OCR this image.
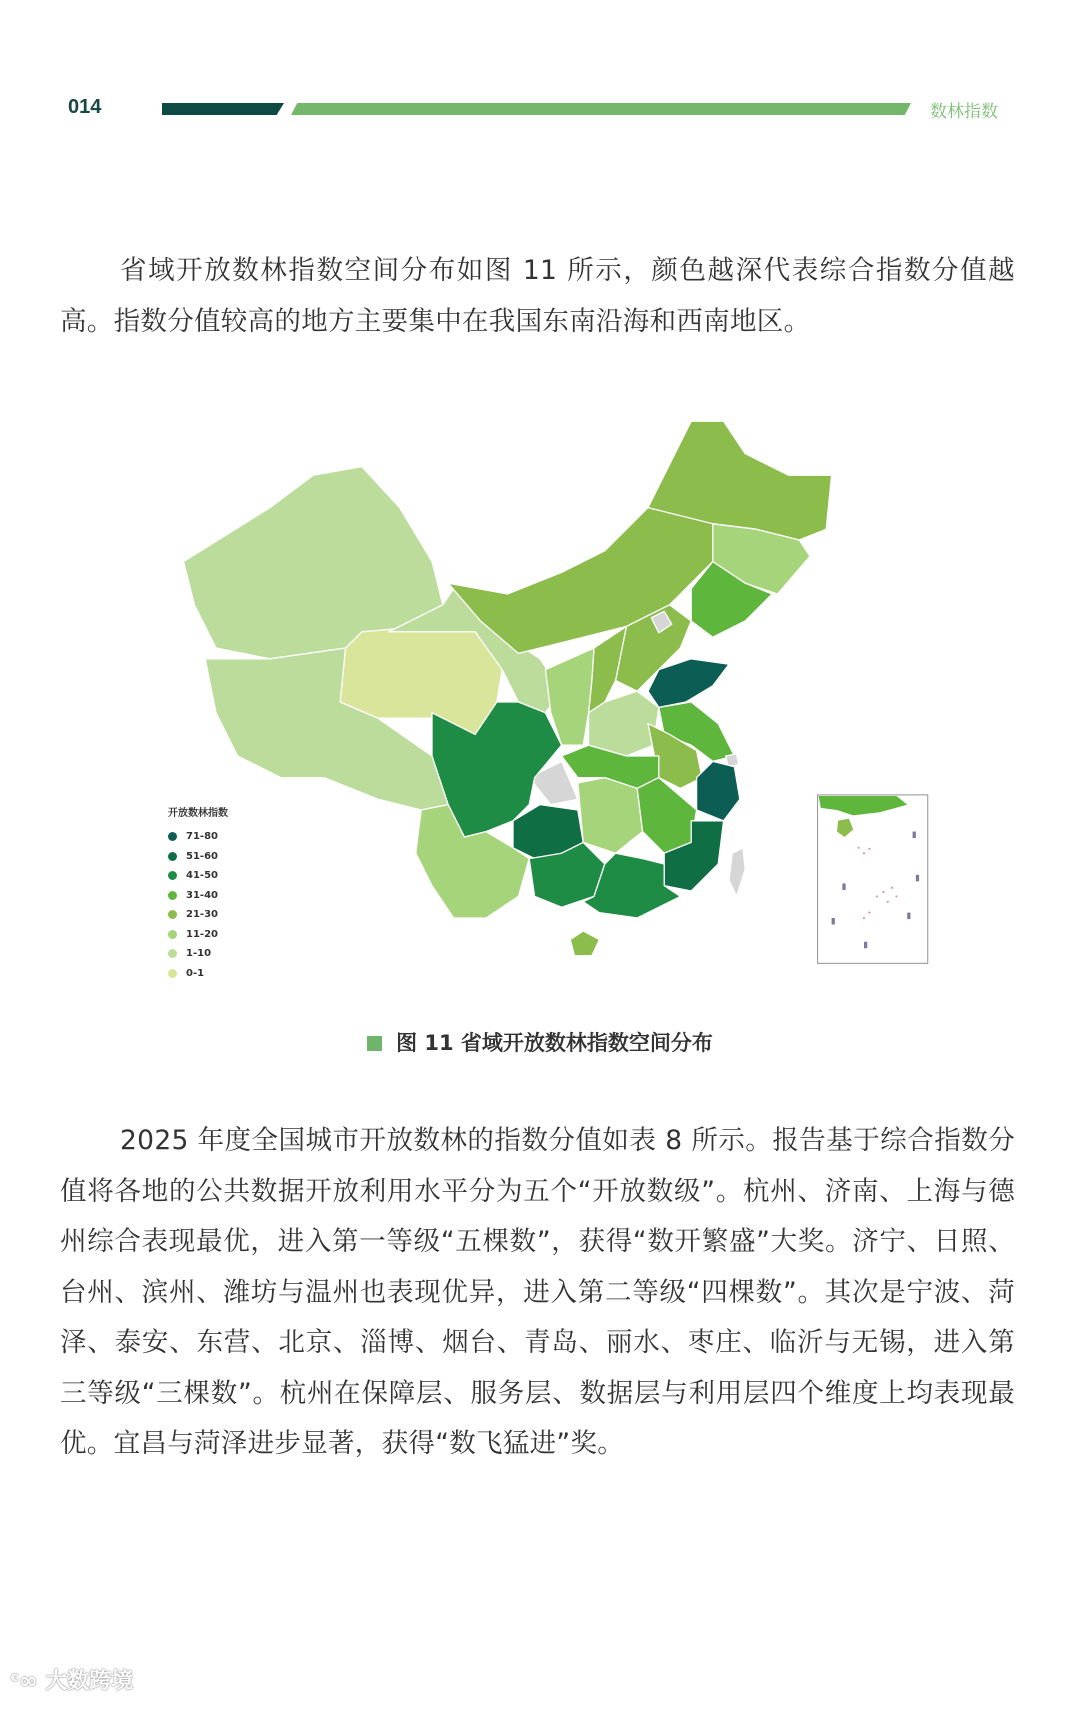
014	数林指数
省域开放数林指数空间分布如图 11 所示，颜色越深代表综合指数分值越高。指数分值较高的地方主要集中在我国东南沿海和西南地区。
开放数林指数
71-80
51-60
41-50
31-40
21-30
11-20
1-10
0-1
图 11 省域开放数林指数空间分布
2025 年度全国城市开放数林的指数分值如表 8 所示。报告基于综合指数分值将各地的公共数据开放利用水平分为五个“开放数级”。杭州、济南、上海与德州综合表现最优，进入第一等级“五棵数”，获得“数开繁盛”大奖。济宁、日照、台州、滨州、潍坊与温州也表现优异，进入第二等级“四棵数”。其次是宁波、菏泽、泰安、东营、北京、淄博、烟台、青岛、丽水、枣庄、临沂与无锡，进入第三等级“三棵数”。杭州在保障层、服务层、数据层与利用层四个维度上均表现最优。宜昌与菏泽进步显著，获得“数飞猛进”奖。
ᶜ∞ 大数跨境
